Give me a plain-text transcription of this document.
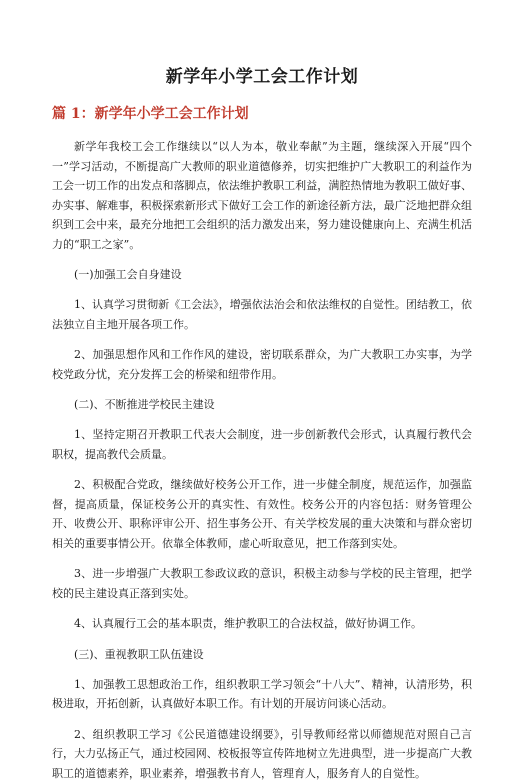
新学年小学工会工作计划
篇 1：新学年小学工会工作计划

新学年我校工会工作继续以“以人为本，敬业奉献”为主题，继续深入开展“四个一”学习活动，不断提高广大教师的职业道德修养，切实把维护广大教职工的利益作为工会一切工作的出发点和落脚点，依法维护教职工利益，满腔热情地为教职工做好事、办实事、解难事，积极探索新形式下做好工会工作的新途径新方法，最广泛地把群众组织到工会中来，最充分地把工会组织的活力激发出来，努力建设健康向上、充满生机活力的“职工之家”。

(一)加强工会自身建设

1、认真学习贯彻新《工会法》，增强依法治会和依法维权的自觉性。团结教工，依法独立自主地开展各项工作。

2、加强思想作风和工作作风的建设，密切联系群众，为广大教职工办实事，为学校党政分忧，充分发挥工会的桥梁和纽带作用。

(二)、不断推进学校民主建设

1、坚持定期召开教职工代表大会制度，进一步创新教代会形式，认真履行教代会职权，提高教代会质量。

2、积极配合党政，继续做好校务公开工作，进一步健全制度，规范运作，加强监督，提高质量，保证校务公开的真实性、有效性。校务公开的内容包括：财务管理公开、收费公开、职称评审公开、招生事务公开、有关学校发展的重大决策和与群众密切相关的重要事情公开。依靠全体教师，虚心听取意见，把工作落到实处。

3、进一步增强广大教职工参政议政的意识，积极主动参与学校的民主管理，把学校的民主建设真正落到实处。

4、认真履行工会的基本职责，维护教职工的合法权益，做好协调工作。

(三)、重视教职工队伍建设

1、加强教工思想政治工作，组织教职工学习领会“十八大”、精神，认清形势，积极进取，开拓创新，认真做好本职工作。有计划的开展访问谈心活动。

2、组织教职工学习《公民道德建设纲要》，引导教师经常以师德规范对照自己言行，大力弘扬正气，通过校园网、校板报等宣传阵地树立先进典型，进一步提高广大教职工的道德素养，职业素养，增强教书育人，管理育人，服务育人的自觉性。
